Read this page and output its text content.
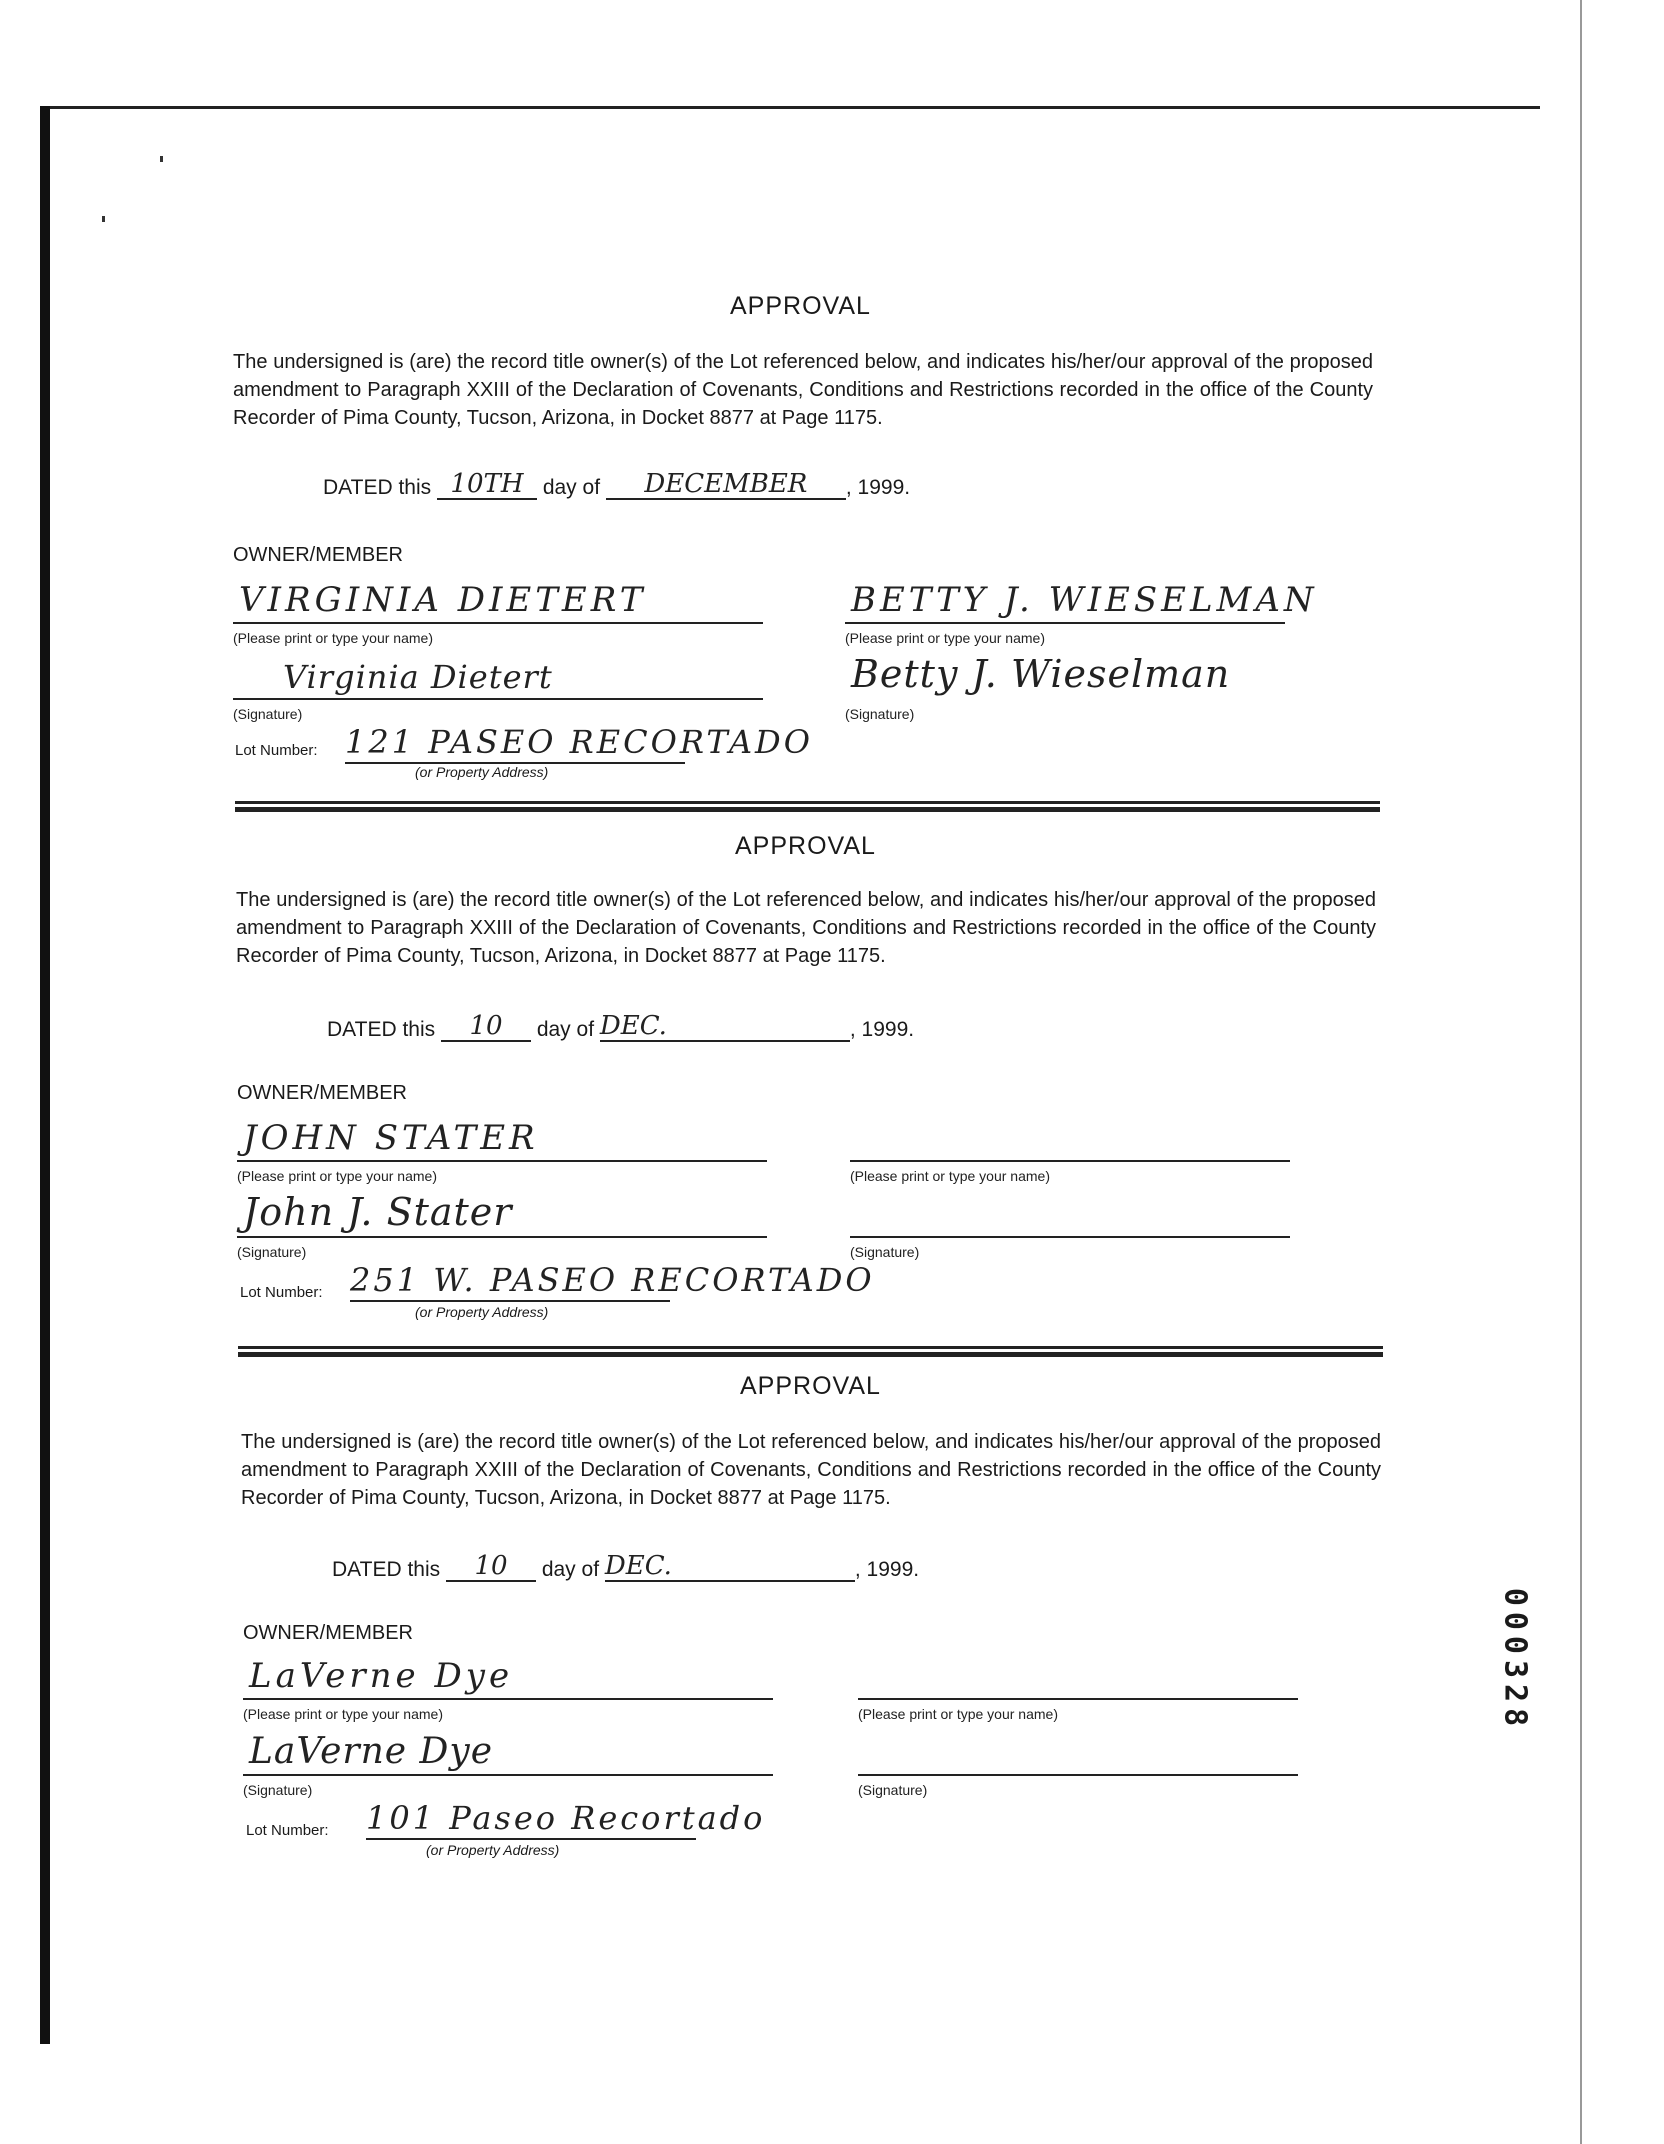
APPROVAL

The undersigned is (are) the record title owner(s) of the Lot referenced below, and indicates his/her/our approval of the proposed amendment to Paragraph XXIII of the Declaration of Covenants, Conditions and Restrictions recorded in the office of the County Recorder of Pima County, Tucson, Arizona, in Docket 8877 at Page 1175.

DATED this 10TH day of DECEMBER , 1999.
OWNER/MEMBER
VIRGINIA DIETERT
(Please print or type your name)
Virginia Dietert
(Signature)
BETTY J. WIESELMAN
(Please print or type your name)
Betty J. Wieselman
(Signature)
Lot Number: 121 PASEO RECORTADO
(or Property Address)
APPROVAL

The undersigned is (are) the record title owner(s) of the Lot referenced below, and indicates his/her/our approval of the proposed amendment to Paragraph XXIII of the Declaration of Covenants, Conditions and Restrictions recorded in the office of the County Recorder of Pima County, Tucson, Arizona, in Docket 8877 at Page 1175.

DATED this 10 day of DEC.	, 1999.
OWNER/MEMBER
JOHN STATER
(Please print or type your name)
John J. Stater
(Signature)
(Please print or type your name)
(Signature)
Lot Number: 251 W. PASEO RECORTADO
(or Property Address)
APPROVAL

The undersigned is (are) the record title owner(s) of the Lot referenced below, and indicates his/her/our approval of the proposed amendment to Paragraph XXIII of the Declaration of Covenants, Conditions and Restrictions recorded in the office of the County Recorder of Pima County, Tucson, Arizona, in Docket 8877 at Page 1175.

DATED this 10 day of DEC.	, 1999.
OWNER/MEMBER
LaVerne Dye
(Please print or type your name)
LaVerne Dye
(Signature)
(Please print or type your name)
(Signature)
Lot Number: 101 Paseo Recortado
(or Property Address)
000328
